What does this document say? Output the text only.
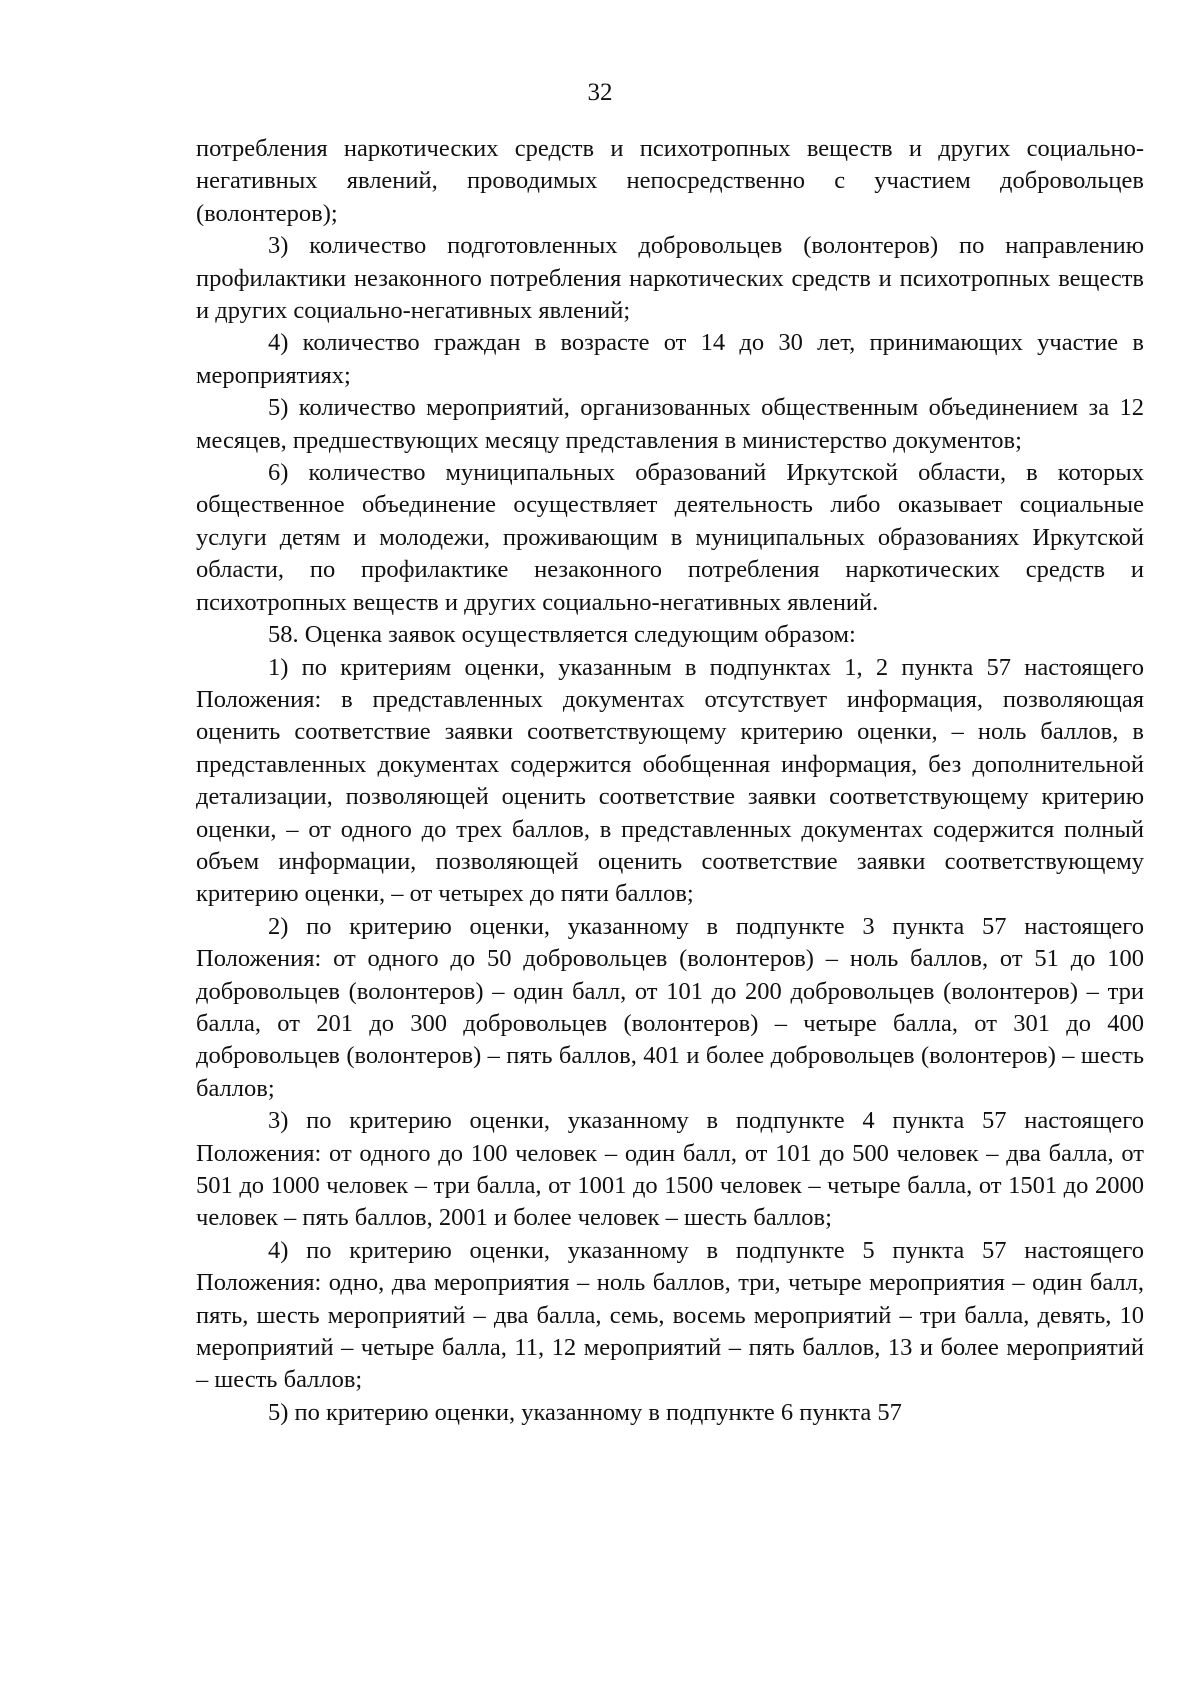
32

потребления наркотических средств и психотропных веществ и других социально-негативных явлений, проводимых непосредственно с участием добровольцев (волонтеров);

3) количество подготовленных добровольцев (волонтеров) по направлению профилактики незаконного потребления наркотических средств и психотропных веществ и других социально-негативных явлений;

4) количество граждан в возрасте от 14 до 30 лет, принимающих участие в мероприятиях;

5) количество мероприятий, организованных общественным объединением за 12 месяцев, предшествующих месяцу представления в министерство документов;

6) количество муниципальных образований Иркутской области, в которых общественное объединение осуществляет деятельность либо оказывает социальные услуги детям и молодежи, проживающим в муниципальных образованиях Иркутской области, по профилактике незаконного потребления наркотических средств и психотропных веществ и других социально-негативных явлений.

58. Оценка заявок осуществляется следующим образом:

1) по критериям оценки, указанным в подпунктах 1, 2 пункта 57 настоящего Положения: в представленных документах отсутствует информация, позволяющая оценить соответствие заявки соответствующему критерию оценки, – ноль баллов, в представленных документах содержится обобщенная информация, без дополнительной детализации, позволяющей оценить соответствие заявки соответствующему критерию оценки, – от одного до трех баллов, в представленных документах содержится полный объем информации, позволяющей оценить соответствие заявки соответствующему критерию оценки, – от четырех до пяти баллов;

2) по критерию оценки, указанному в подпункте 3 пункта 57 настоящего Положения: от одного до 50 добровольцев (волонтеров) – ноль баллов, от 51 до 100 добровольцев (волонтеров) – один балл, от 101 до 200 добровольцев (волонтеров) – три балла, от 201 до 300 добровольцев (волонтеров) – четыре балла, от 301 до 400 добровольцев (волонтеров) – пять баллов, 401 и более добровольцев (волонтеров) – шесть баллов;

3) по критерию оценки, указанному в подпункте 4 пункта 57 настоящего Положения: от одного до 100 человек – один балл, от 101 до 500 человек – два балла, от 501 до 1000 человек – три балла, от 1001 до 1500 человек – четыре балла, от 1501 до 2000 человек – пять баллов, 2001 и более человек – шесть баллов;

4) по критерию оценки, указанному в подпункте 5 пункта 57 настоящего Положения: одно, два мероприятия – ноль баллов, три, четыре мероприятия – один балл, пять, шесть мероприятий – два балла, семь, восемь мероприятий – три балла, девять, 10 мероприятий – четыре балла, 11, 12 мероприятий – пять баллов, 13 и более мероприятий – шесть баллов;

5) по критерию оценки, указанному в подпункте 6 пункта 57
